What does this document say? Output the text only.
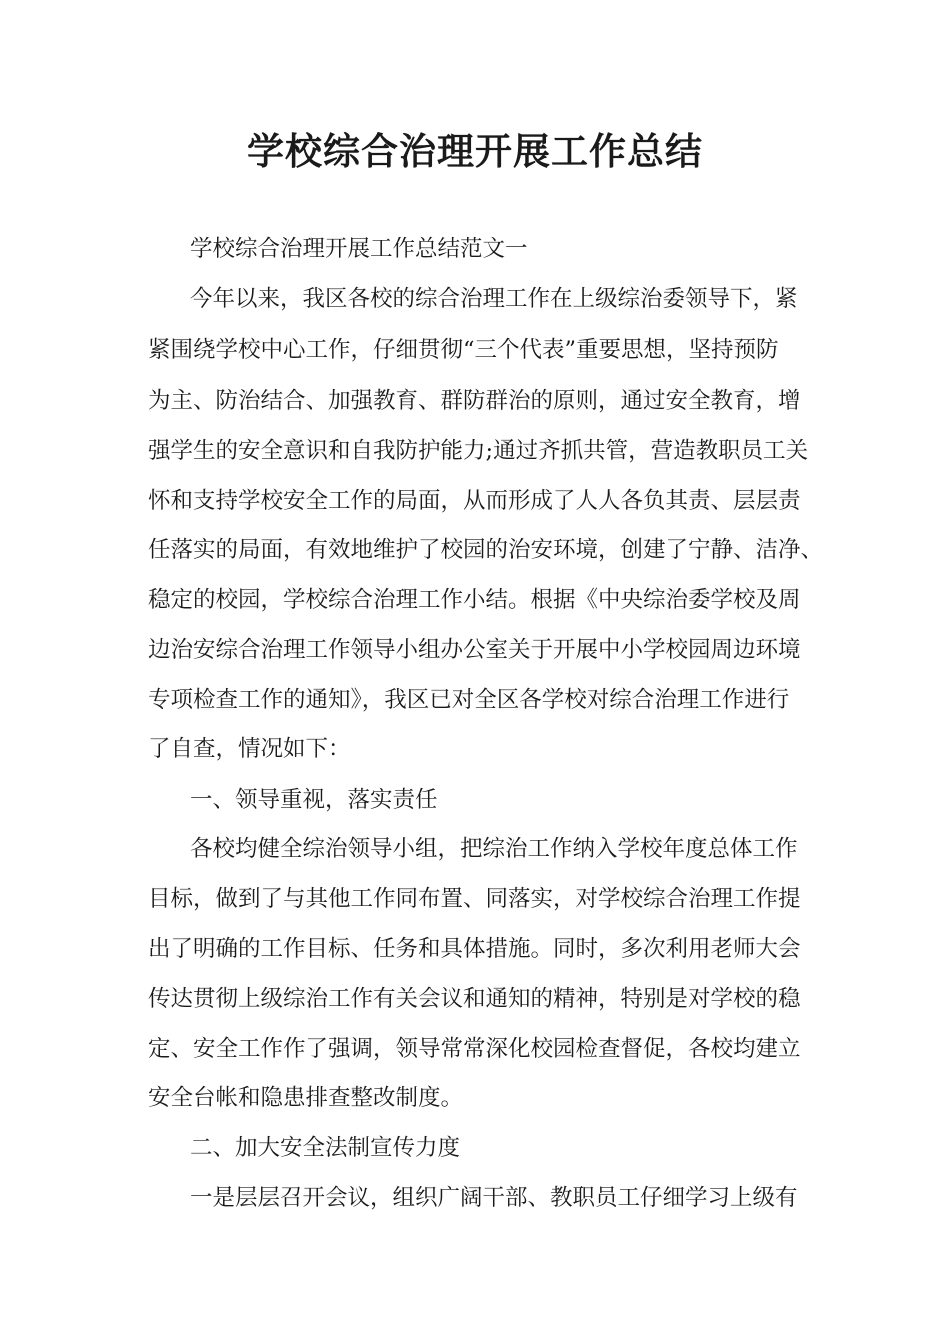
学校综合治理开展工作总结
学校综合治理开展工作总结范文一
今年以来，我区各校的综合治理工作在上级综治委领导下，紧
紧围绕学校中心工作，仔细贯彻“三个代表”重要思想，坚持预防
为主、防治结合、加强教育、群防群治的原则，通过安全教育，增
强学生的安全意识和自我防护能力;通过齐抓共管，营造教职员工关
怀和支持学校安全工作的局面，从而形成了人人各负其责、层层责
任落实的局面，有效地维护了校园的治安环境，创建了宁静、洁净、
稳定的校园，学校综合治理工作小结。根据《中央综治委学校及周
边治安综合治理工作领导小组办公室关于开展中小学校园周边环境
专项检查工作的通知》，我区已对全区各学校对综合治理工作进行
了自查，情况如下：
一、领导重视，落实责任
各校均健全综治领导小组，把综治工作纳入学校年度总体工作
目标，做到了与其他工作同布置、同落实，对学校综合治理工作提
出了明确的工作目标、任务和具体措施。同时，多次利用老师大会
传达贯彻上级综治工作有关会议和通知的精神，特别是对学校的稳
定、安全工作作了强调，领导常常深化校园检查督促，各校均建立
安全台帐和隐患排查整改制度。
二、加大安全法制宣传力度
一是层层召开会议，组织广阔干部、教职员工仔细学习上级有
